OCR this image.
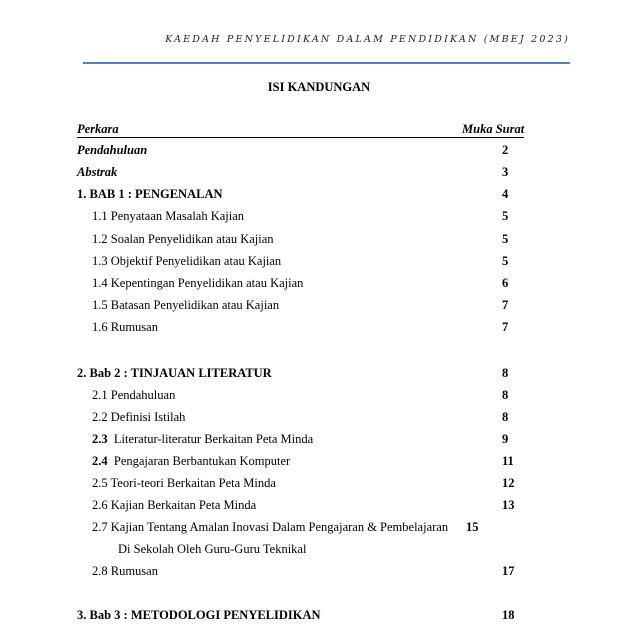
KAEDAH PENYELIDIKAN DALAM PENDIDIKAN (MBEJ 2023)
ISI KANDUNGAN
Perkara	Muka Surat
Pendahuluan	2
Abstrak	3
1. BAB 1 : PENGENALAN	4
1.1 Penyataan Masalah Kajian	5
1.2 Soalan Penyelidikan atau Kajian	5
1.3 Objektif Penyelidikan atau Kajian	5
1.4 Kepentingan Penyelidikan atau Kajian	6
1.5 Batasan Penyelidikan atau Kajian	7
1.6 Rumusan	7
2. Bab 2 : TINJAUAN LITERATUR	8
2.1 Pendahuluan	8
2.2 Definisi Istilah	8
2.3  Literatur-literatur Berkaitan Peta Minda	9
2.4  Pengajaran Berbantukan Komputer	11
2.5 Teori-teori Berkaitan Peta Minda	12
2.6 Kajian Berkaitan Peta Minda	13
2.7 Kajian Tentang Amalan Inovasi Dalam Pengajaran & Pembelajaran 15
Di Sekolah Oleh Guru-Guru Teknikal
2.8 Rumusan	17
3. Bab 3 : METODOLOGI PENYELIDIKAN	18
